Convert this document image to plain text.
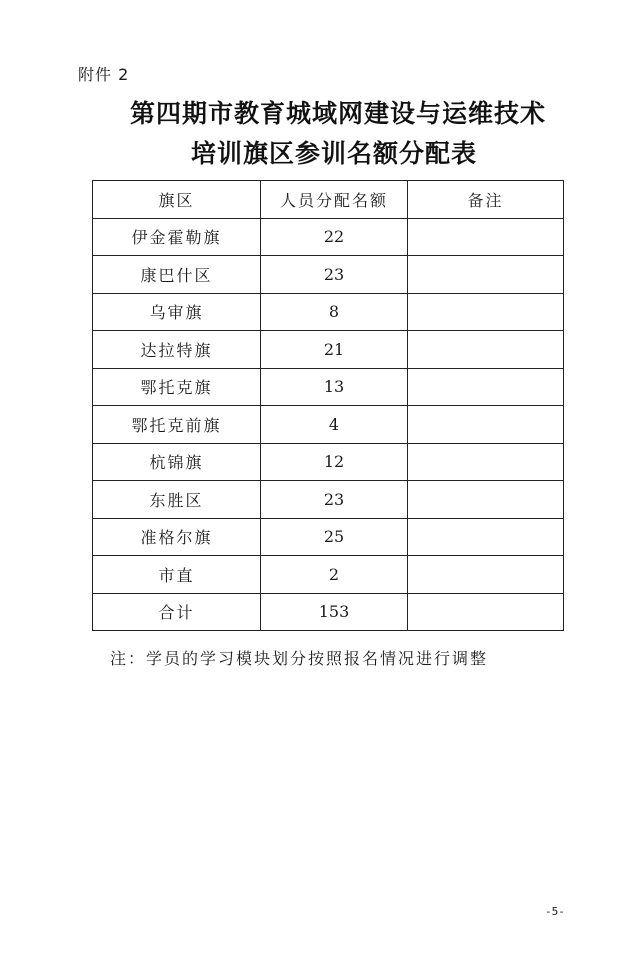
附件 2
第四期市教育城域网建设与运维技术
培训旗区参训名额分配表
旗区	人员分配名额	备注
伊金霍勒旗	22	
康巴什区	23	
乌审旗	8	
达拉特旗	21	
鄂托克旗	13	
鄂托克前旗	4	
杭锦旗	12	
东胜区	23	
准格尔旗	25	
市直	2	
合计	153	
注：学员的学习模块划分按照报名情况进行调整
-5-
